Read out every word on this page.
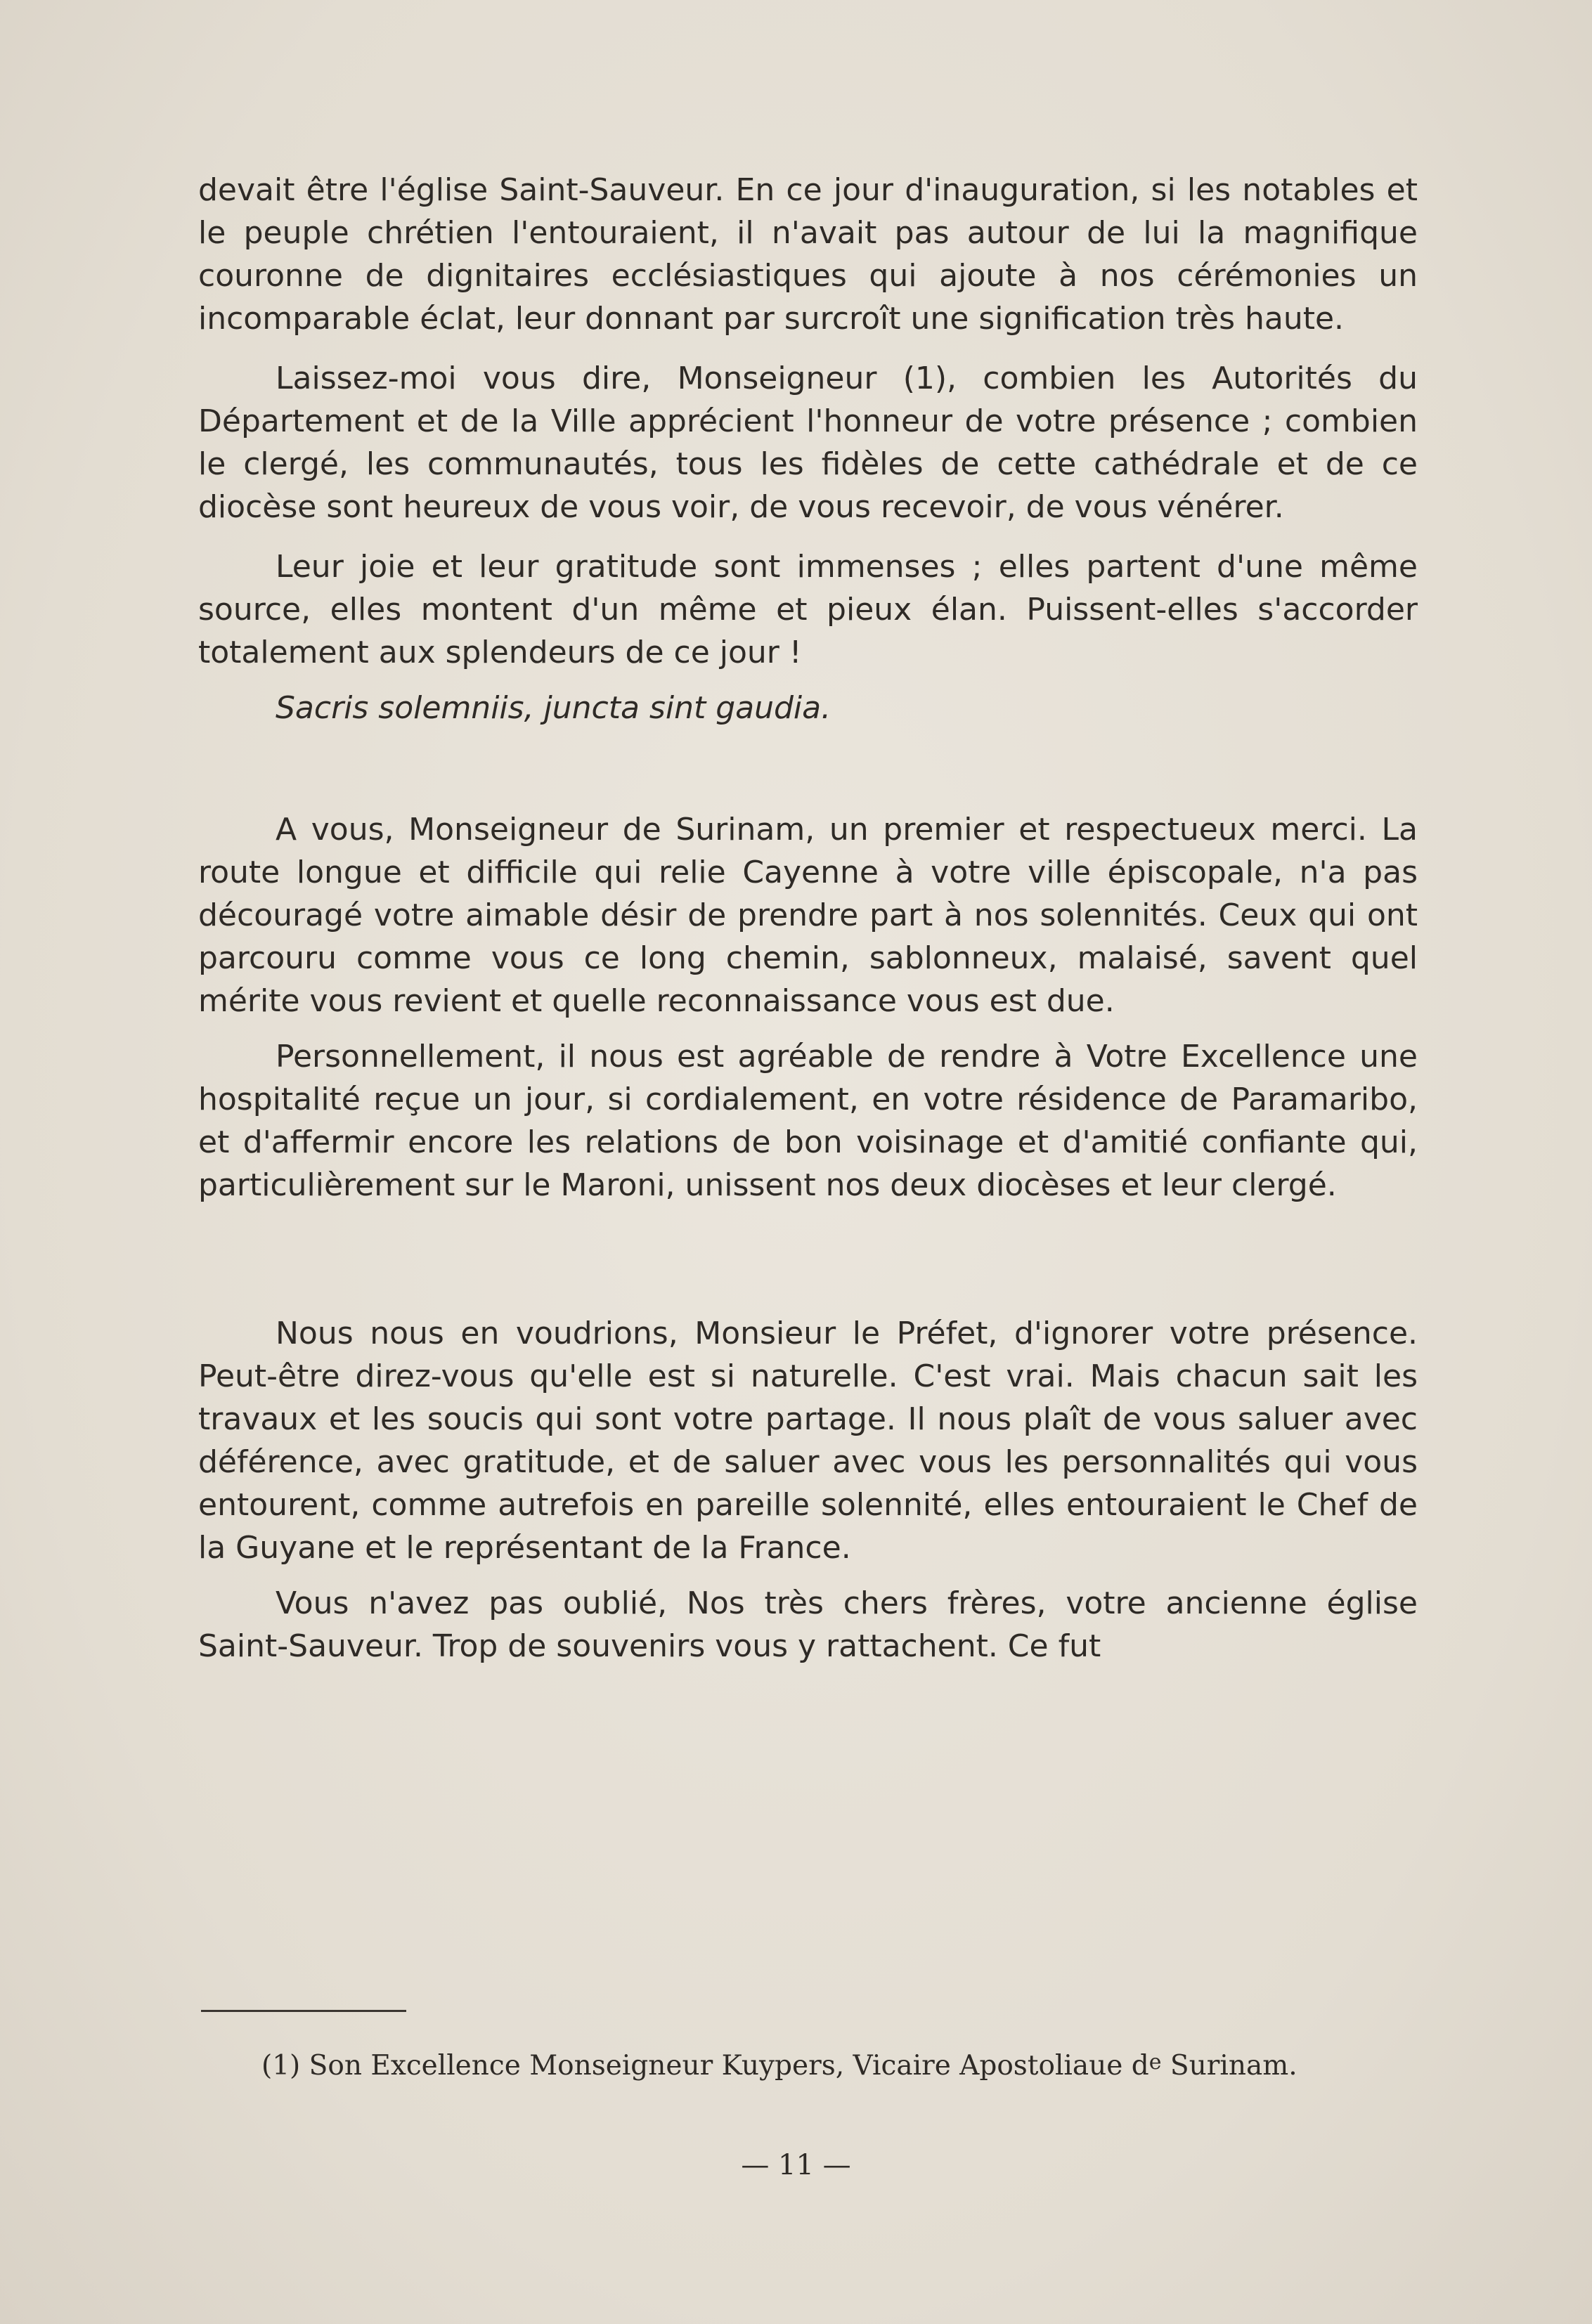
devait être l'église Saint-Sauveur. En ce jour d'inauguration, si les notables et le peuple chrétien l'entouraient, il n'avait pas autour de lui la magnifique couronne de dignitaires ecclésiastiques qui ajoute à nos cérémonies un incomparable éclat, leur donnant par surcroît une signification très haute.

Laissez-moi vous dire, Monseigneur (1), combien les Autorités du Département et de la Ville apprécient l'honneur de votre présence ; combien le clergé, les communautés, tous les fidèles de cette cathédrale et de ce diocèse sont heureux de vous voir, de vous recevoir, de vous vénérer.

Leur joie et leur gratitude sont immenses ; elles partent d'une même source, elles montent d'un même et pieux élan. Puissent-elles s'accorder totalement aux splendeurs de ce jour !

Sacris solemniis, juncta sint gaudia.

A vous, Monseigneur de Surinam, un premier et respectueux merci. La route longue et difficile qui relie Cayenne à votre ville épiscopale, n'a pas découragé votre aimable désir de prendre part à nos solennités. Ceux qui ont parcouru comme vous ce long chemin, sablonneux, malaisé, savent quel mérite vous revient et quelle reconnaissance vous est due.

Personnellement, il nous est agréable de rendre à Votre Excellence une hospitalité reçue un jour, si cordialement, en votre résidence de Paramaribo, et d'affermir encore les relations de bon voisinage et d'amitié confiante qui, particulièrement sur le Maroni, unissent nos deux diocèses et leur clergé.

Nous nous en voudrions, Monsieur le Préfet, d'ignorer votre présence. Peut-être direz-vous qu'elle est si naturelle. C'est vrai. Mais chacun sait les travaux et les soucis qui sont votre partage. Il nous plaît de vous saluer avec déférence, avec gratitude, et de saluer avec vous les personnalités qui vous entourent, comme autrefois en pareille solennité, elles entouraient le Chef de la Guyane et le représentant de la France.

Vous n'avez pas oublié, Nos très chers frères, votre ancienne église Saint-Sauveur. Trop de souvenirs vous y rattachent. Ce fut

(1) Son Excellence Monseigneur Kuypers, Vicaire Apostoliaue $d^e$ Surinam.
— 11 —
